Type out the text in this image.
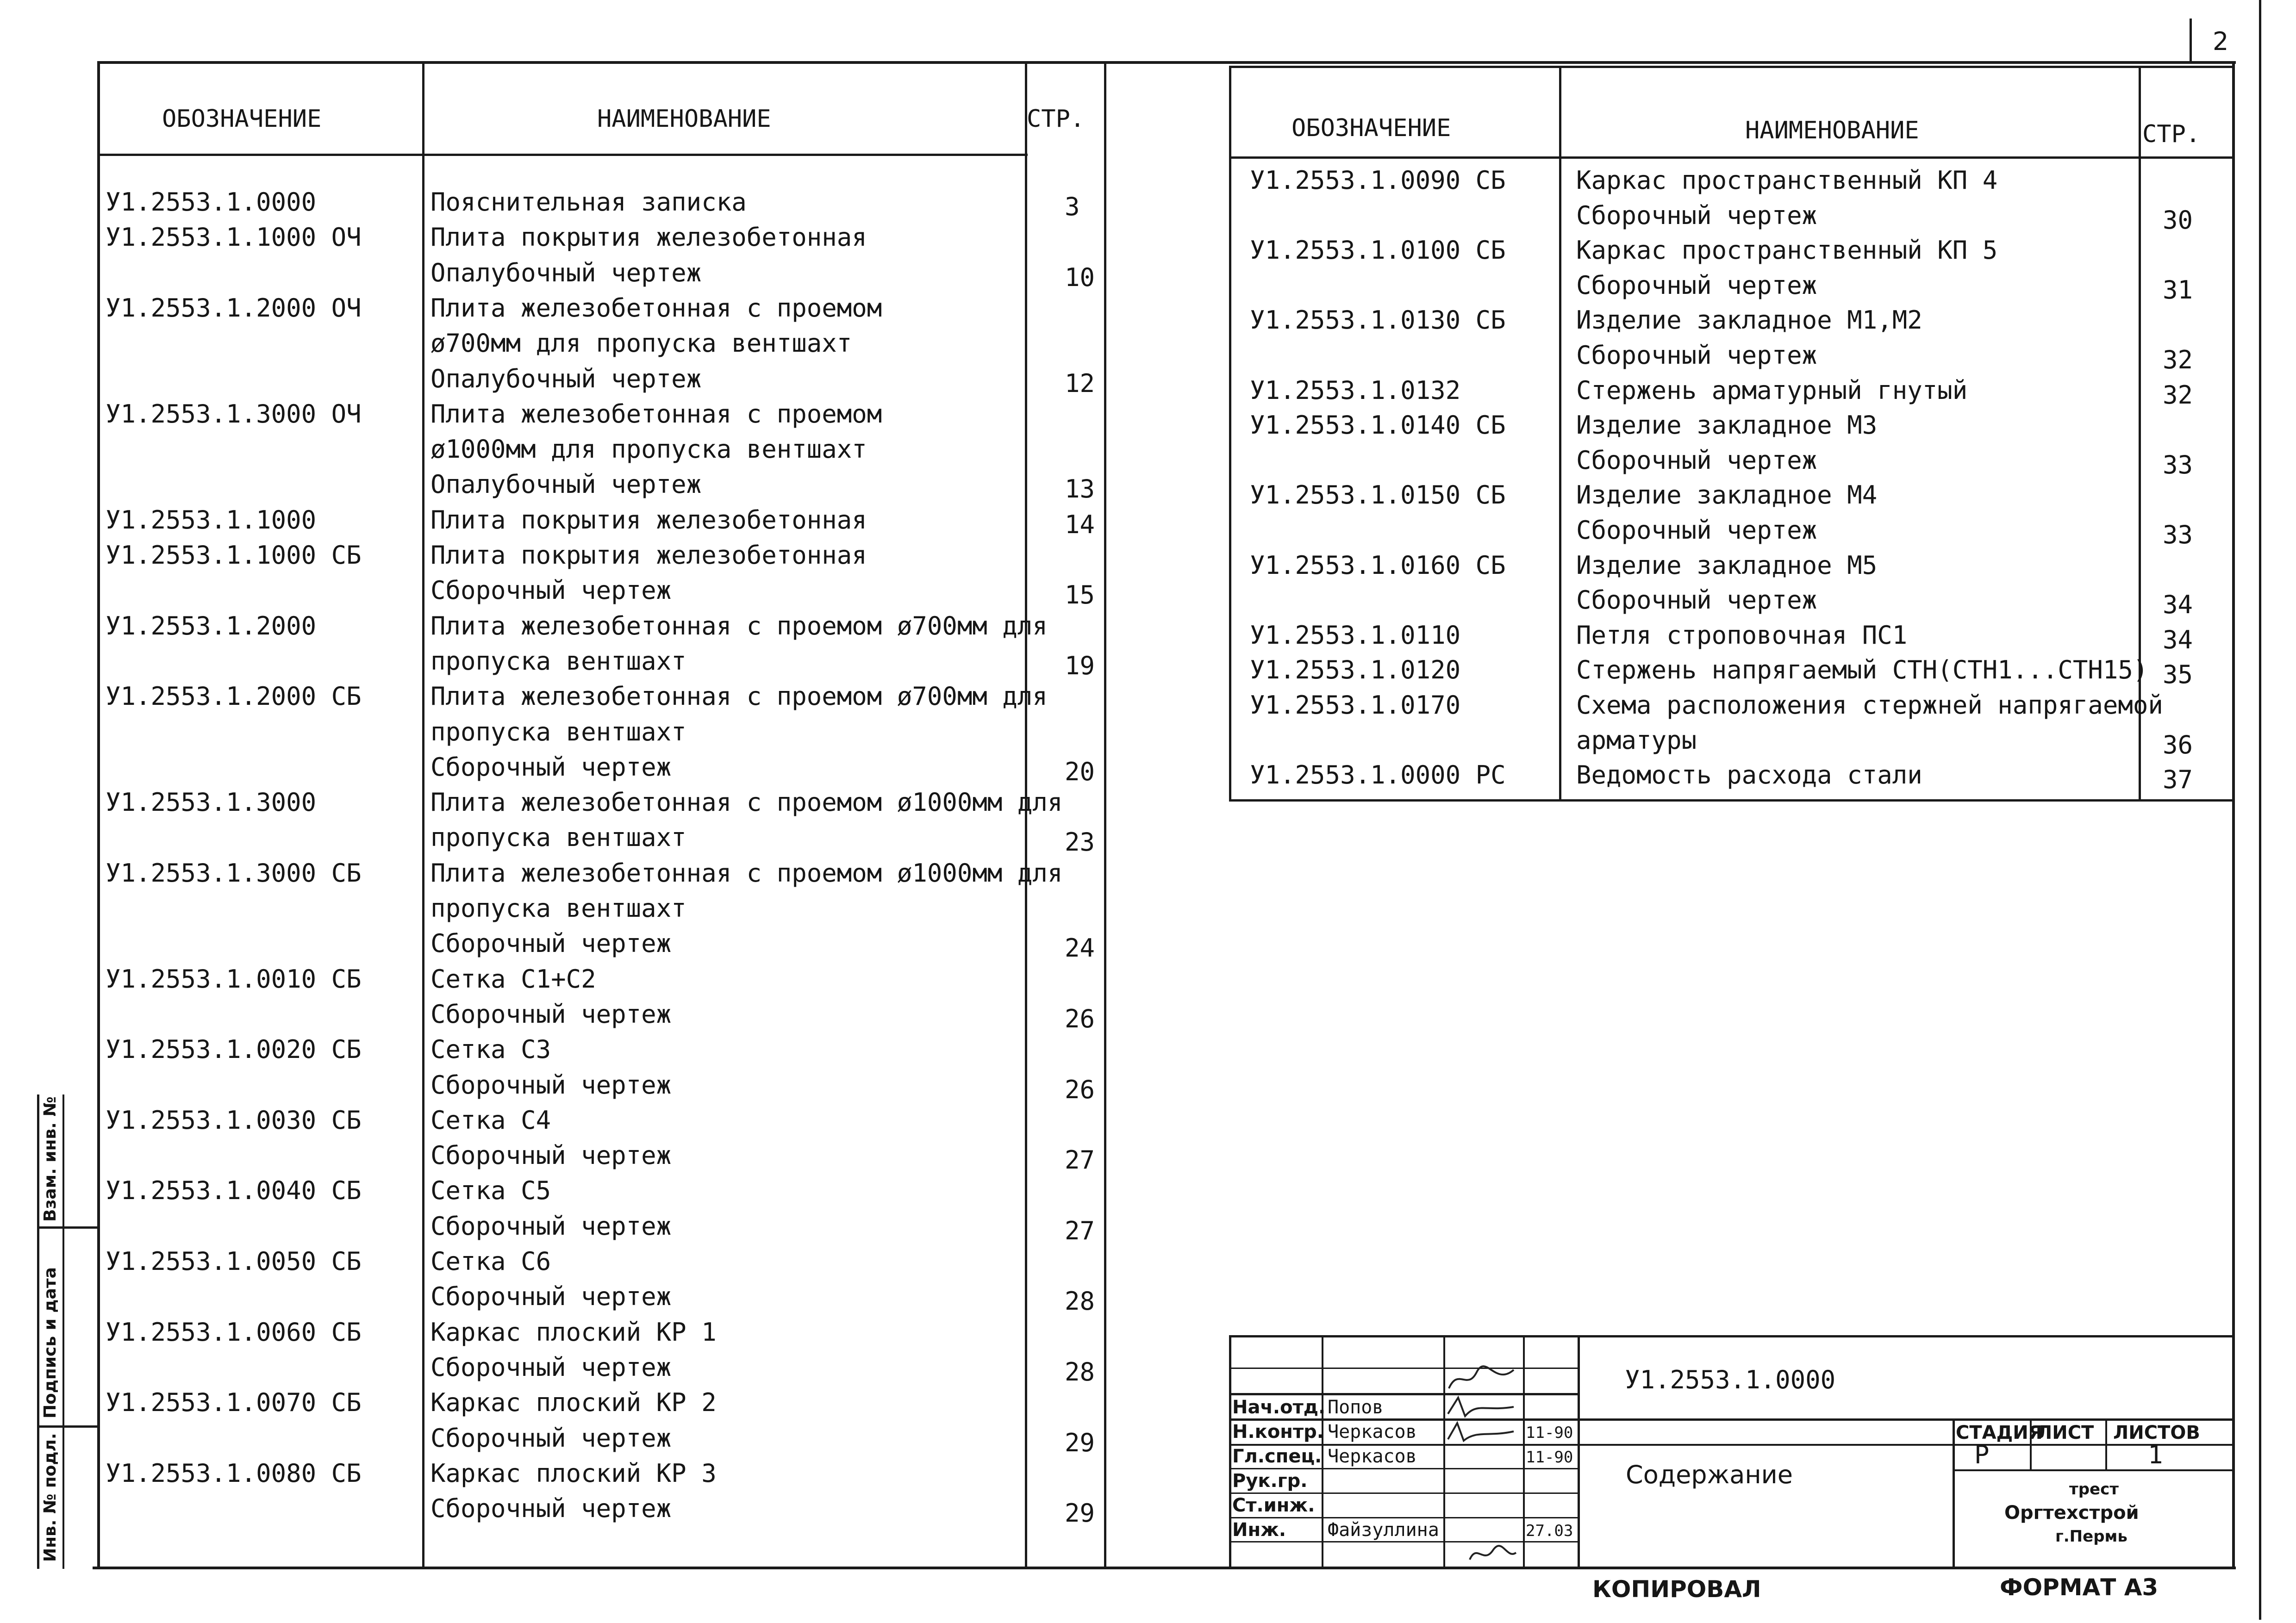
2
Инв. № подл.
Подпись и дата
Взам. инв. №
ОБОЗНАЧЕНИЕ	НАИМЕНОВАНИЕ	СТР.
У1.2553.1.0000	Пояснительная записка	3
У1.2553.1.1000 ОЧ	Плита покрытия железобетонная
Опалубочный чертеж	10
У1.2553.1.2000 ОЧ	Плита железобетонная с проемом
ø700мм для пропуска вентшахт
Опалубочный чертеж	12
У1.2553.1.3000 ОЧ	Плита железобетонная с проемом
ø1000мм для пропуска вентшахт
Опалубочный чертеж	13
У1.2553.1.1000	Плита покрытия железобетонная	14
У1.2553.1.1000 СБ	Плита покрытия железобетонная
Сборочный чертеж	15
У1.2553.1.2000	Плита железобетонная с проемом ø700мм для
пропуска вентшахт	19
У1.2553.1.2000 СБ	Плита железобетонная с проемом ø700мм для
пропуска вентшахт
Сборочный чертеж	20
У1.2553.1.3000	Плита железобетонная с проемом ø1000мм для
пропуска вентшахт	23
У1.2553.1.3000 СБ	Плита железобетонная с проемом ø1000мм для
пропуска вентшахт
Сборочный чертеж	24
У1.2553.1.0010 СБ	Сетка С1+С2
Сборочный чертеж	26
У1.2553.1.0020 СБ	Сетка С3
Сборочный чертеж	26
У1.2553.1.0030 СБ	Сетка С4
Сборочный чертеж	27
У1.2553.1.0040 СБ	Сетка С5
Сборочный чертеж	27
У1.2553.1.0050 СБ	Сетка С6
Сборочный чертеж	28
У1.2553.1.0060 СБ	Каркас плоский КР 1
Сборочный чертеж	28
У1.2553.1.0070 СБ	Каркас плоский КР 2
Сборочный чертеж	29
У1.2553.1.0080 СБ	Каркас плоский КР 3
Сборочный чертеж	29
ОБОЗНАЧЕНИЕ	НАИМЕНОВАНИЕ	СТР.
У1.2553.1.0090 СБ	Каркас пространственный КП 4
Сборочный чертеж	30
У1.2553.1.0100 СБ	Каркас пространственный КП 5
Сборочный чертеж	31
У1.2553.1.0130 СБ	Изделие закладное М1,М2
Сборочный чертеж	32
У1.2553.1.0132	Стержень арматурный гнутый	32
У1.2553.1.0140 СБ	Изделие закладное М3
Сборочный чертеж	33
У1.2553.1.0150 СБ	Изделие закладное М4
Сборочный чертеж	33
У1.2553.1.0160 СБ	Изделие закладное М5
Сборочный чертеж	34
У1.2553.1.0110	Петля строповочная ПС1	34
У1.2553.1.0120	Стержень напрягаемый СТН(СТН1...СТН15) 35
У1.2553.1.0170	Схема расположения стержней напрягаемой
арматуры	36
У1.2553.1.0000 РС	Ведомость расхода стали	37
У1.2553.1.0000
Содержание
СТАДИЯ
ЛИСТ ЛИСТОВ
Р	1
трест
Оргтехстрой
г.Пермь
Нач.отд. Попов
Н.контр. Черкасов	11-90
Гл.спец. Черкасов	11-90
Рук.гр.
Ст.инж.
Инж. Файзуллина	27.03
КОПИРОВАЛ	ФОРМАТ А3
